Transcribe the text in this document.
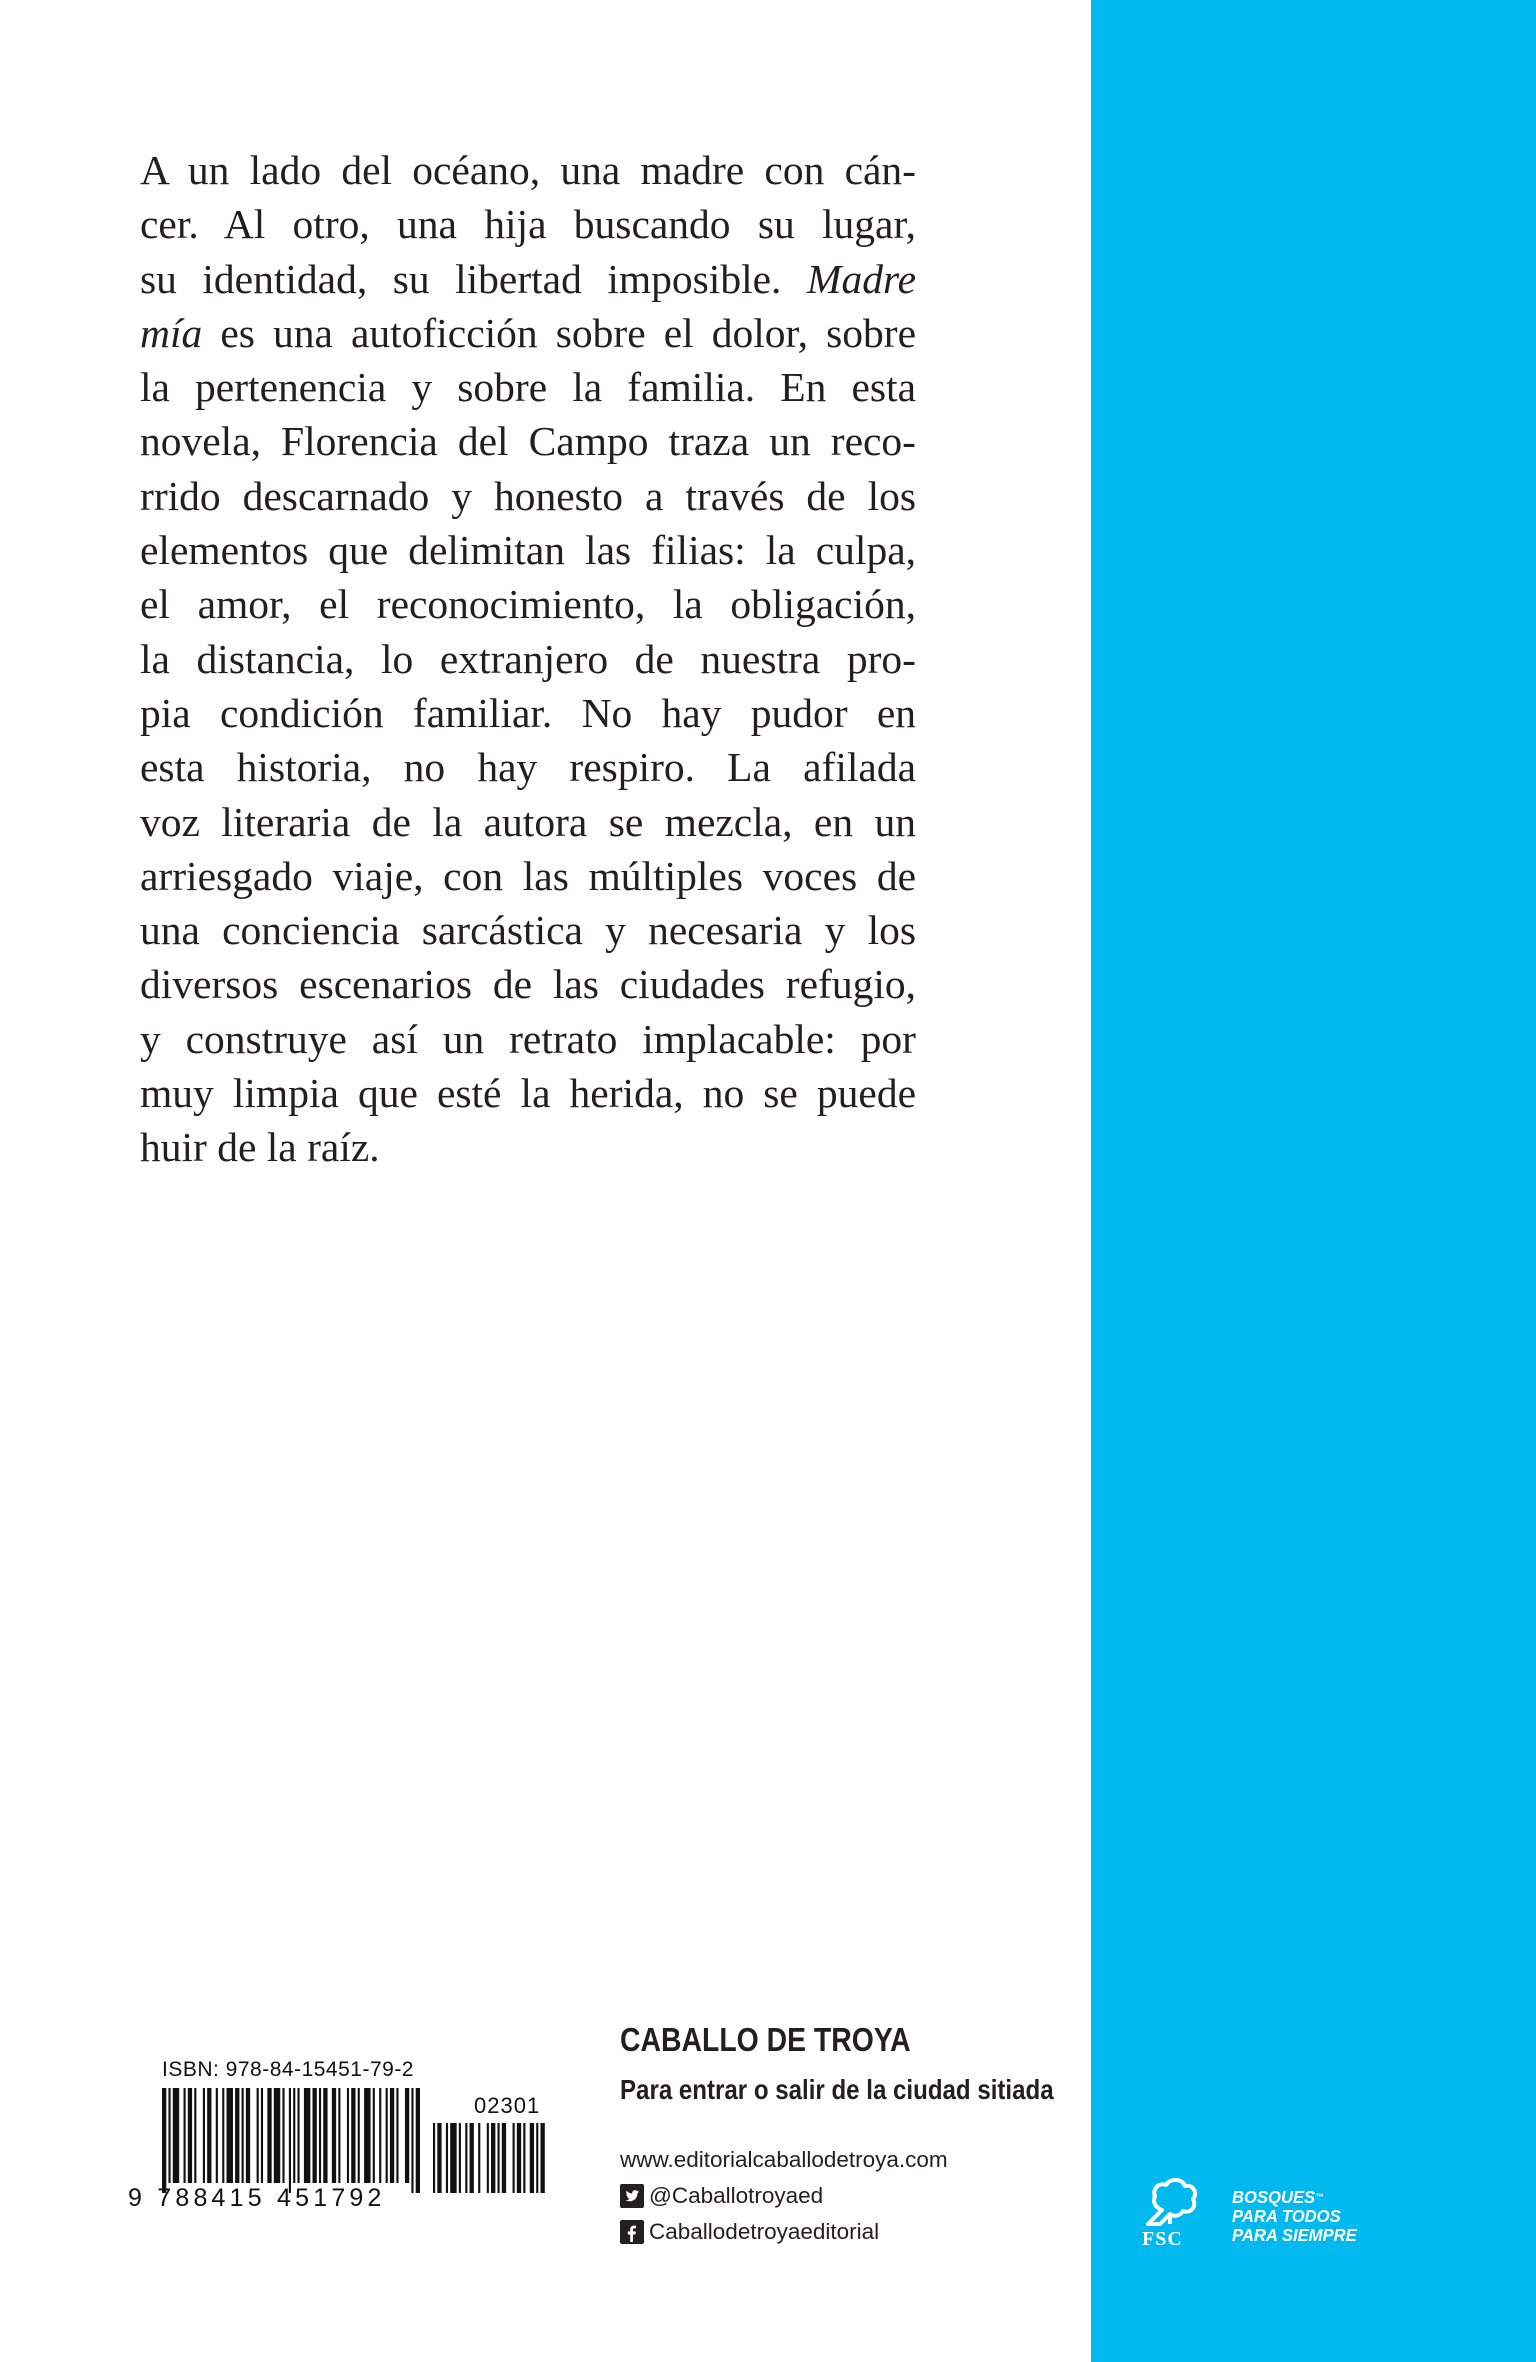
A un lado del océano, una madre con cán-
cer. Al otro, una hija buscando su lugar,
su identidad, su libertad imposible. Madre
mía es una autoficción sobre el dolor, sobre
la pertenencia y sobre la familia. En esta
novela, Florencia del Campo traza un reco-
rrido descarnado y honesto a través de los
elementos que delimitan las filias: la culpa,
el amor, el reconocimiento, la obligación,
la distancia, lo extranjero de nuestra pro-
pia condición familiar. No hay pudor en
esta historia, no hay respiro. La afilada
voz literaria de la autora se mezcla, en un
arriesgado viaje, con las múltiples voces de
una conciencia sarcástica y necesaria y los
diversos escenarios de las ciudades refugio,
y construye así un retrato implacable: por
muy limpia que esté la herida, no se puede
huir de la raíz.
ISBN: 978-84-15451-79-2
02301
9 788415 451792
CABALLO DE TROYA
Para entrar o salir de la ciudad sitiada
www.editorialcaballodetroya.com
@Caballotroyaed
Caballodetroyaeditorial	FSC
BOSQUES™
PARA TODOS
PARA SIEMPRE
